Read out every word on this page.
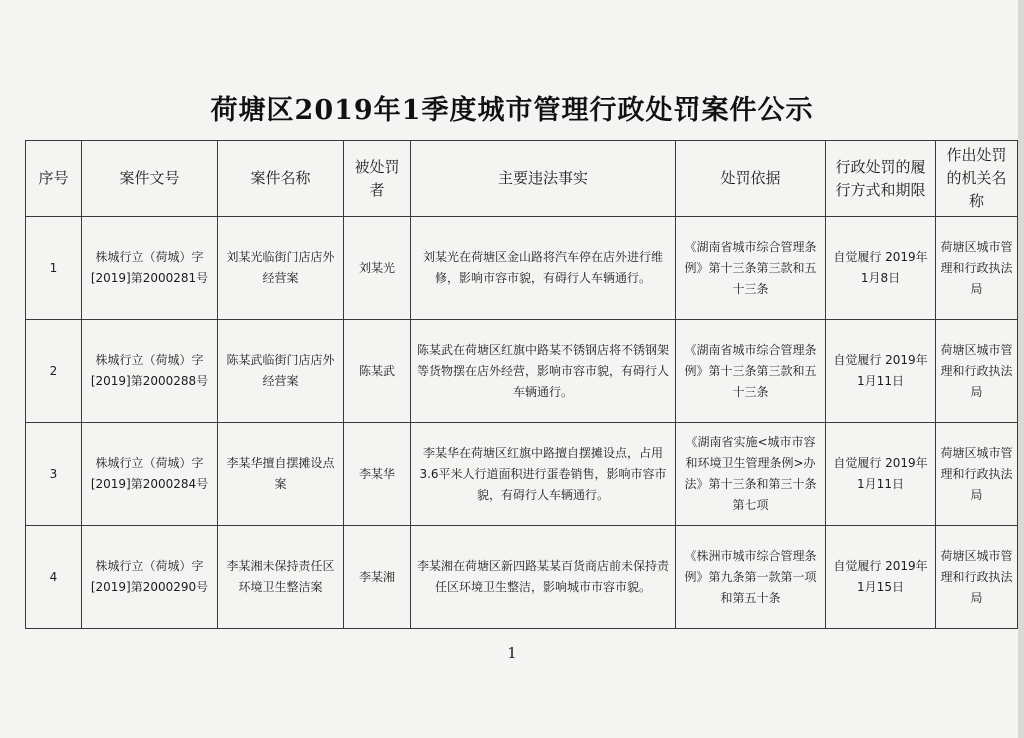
荷塘区2019年1季度城市管理行政处罚案件公示
序号	案件文号	案件名称	被处罚者	主要违法事实	处罚依据	行政处罚的履行方式和期限	作出处罚的机关名称
1	株城行立（荷城）字[2019]第2000281号	刘某光临街门店店外经营案	刘某光	刘某光在荷塘区金山路将汽车停在店外进行维修，影响市容市貌，有碍行人车辆通行。	《湖南省城市综合管理条例》第十三条第三款和五十三条	自觉履行 2019年1月8日	荷塘区城市管理和行政执法局
2	株城行立（荷城）字[2019]第2000288号	陈某武临街门店店外经营案	陈某武	陈某武在荷塘区红旗中路某不锈钢店将不锈钢架等货物摆在店外经营，影响市容市貌，有碍行人车辆通行。	《湖南省城市综合管理条例》第十三条第三款和五十三条	自觉履行 2019年1月11日	荷塘区城市管理和行政执法局
3	株城行立（荷城）字[2019]第2000284号	李某华擅自摆摊设点案	李某华	李某华在荷塘区红旗中路擅自摆摊设点，占用3.6平米人行道面积进行蛋卷销售，影响市容市貌，有碍行人车辆通行。	《湖南省实施<城市市容和环境卫生管理条例>办法》第十三条和第三十条第七项	自觉履行 2019年1月11日	荷塘区城市管理和行政执法局
4	株城行立（荷城）字[2019]第2000290号	李某湘未保持责任区环境卫生整洁案	李某湘	李某湘在荷塘区新四路某某百货商店前未保持责任区环境卫生整洁，影响城市市容市貌。	《株洲市城市综合管理条例》第九条第一款第一项和第五十条	自觉履行 2019年1月15日	荷塘区城市管理和行政执法局
1
